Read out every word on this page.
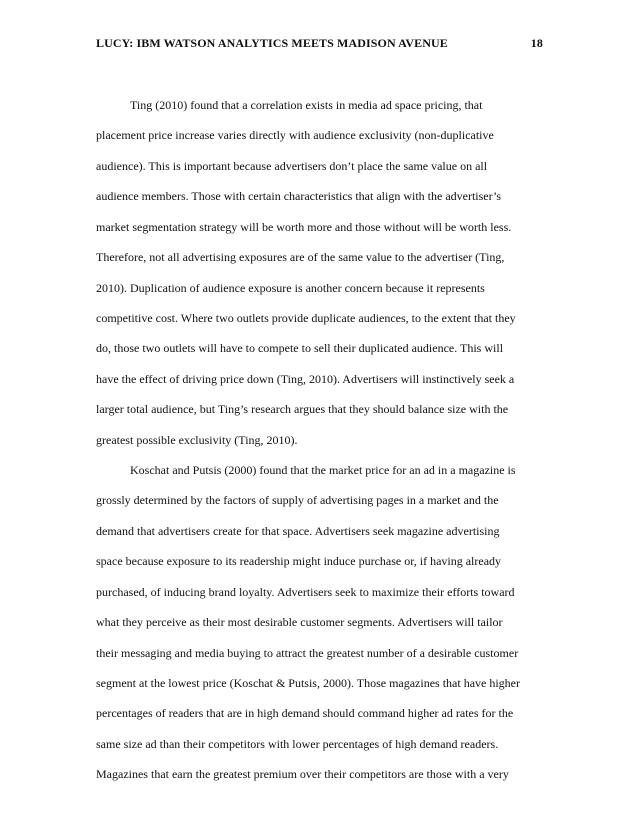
LUCY: IBM WATSON ANALYTICS MEETS MADISON AVENUE	18
Ting (2010) found that a correlation exists in media ad space pricing, that
placement price increase varies directly with audience exclusivity (non-duplicative
audience). This is important because advertisers don’t place the same value on all
audience members. Those with certain characteristics that align with the advertiser’s
market segmentation strategy will be worth more and those without will be worth less.
Therefore, not all advertising exposures are of the same value to the advertiser (Ting,
2010). Duplication of audience exposure is another concern because it represents
competitive cost. Where two outlets provide duplicate audiences, to the extent that they
do, those two outlets will have to compete to sell their duplicated audience. This will
have the effect of driving price down (Ting, 2010). Advertisers will instinctively seek a
larger total audience, but Ting’s research argues that they should balance size with the
greatest possible exclusivity (Ting, 2010).
Koschat and Putsis (2000) found that the market price for an ad in a magazine is
grossly determined by the factors of supply of advertising pages in a market and the
demand that advertisers create for that space. Advertisers seek magazine advertising
space because exposure to its readership might induce purchase or, if having already
purchased, of inducing brand loyalty. Advertisers seek to maximize their efforts toward
what they perceive as their most desirable customer segments. Advertisers will tailor
their messaging and media buying to attract the greatest number of a desirable customer
segment at the lowest price (Koschat & Putsis, 2000). Those magazines that have higher
percentages of readers that are in high demand should command higher ad rates for the
same size ad than their competitors with lower percentages of high demand readers.
Magazines that earn the greatest premium over their competitors are those with a very
